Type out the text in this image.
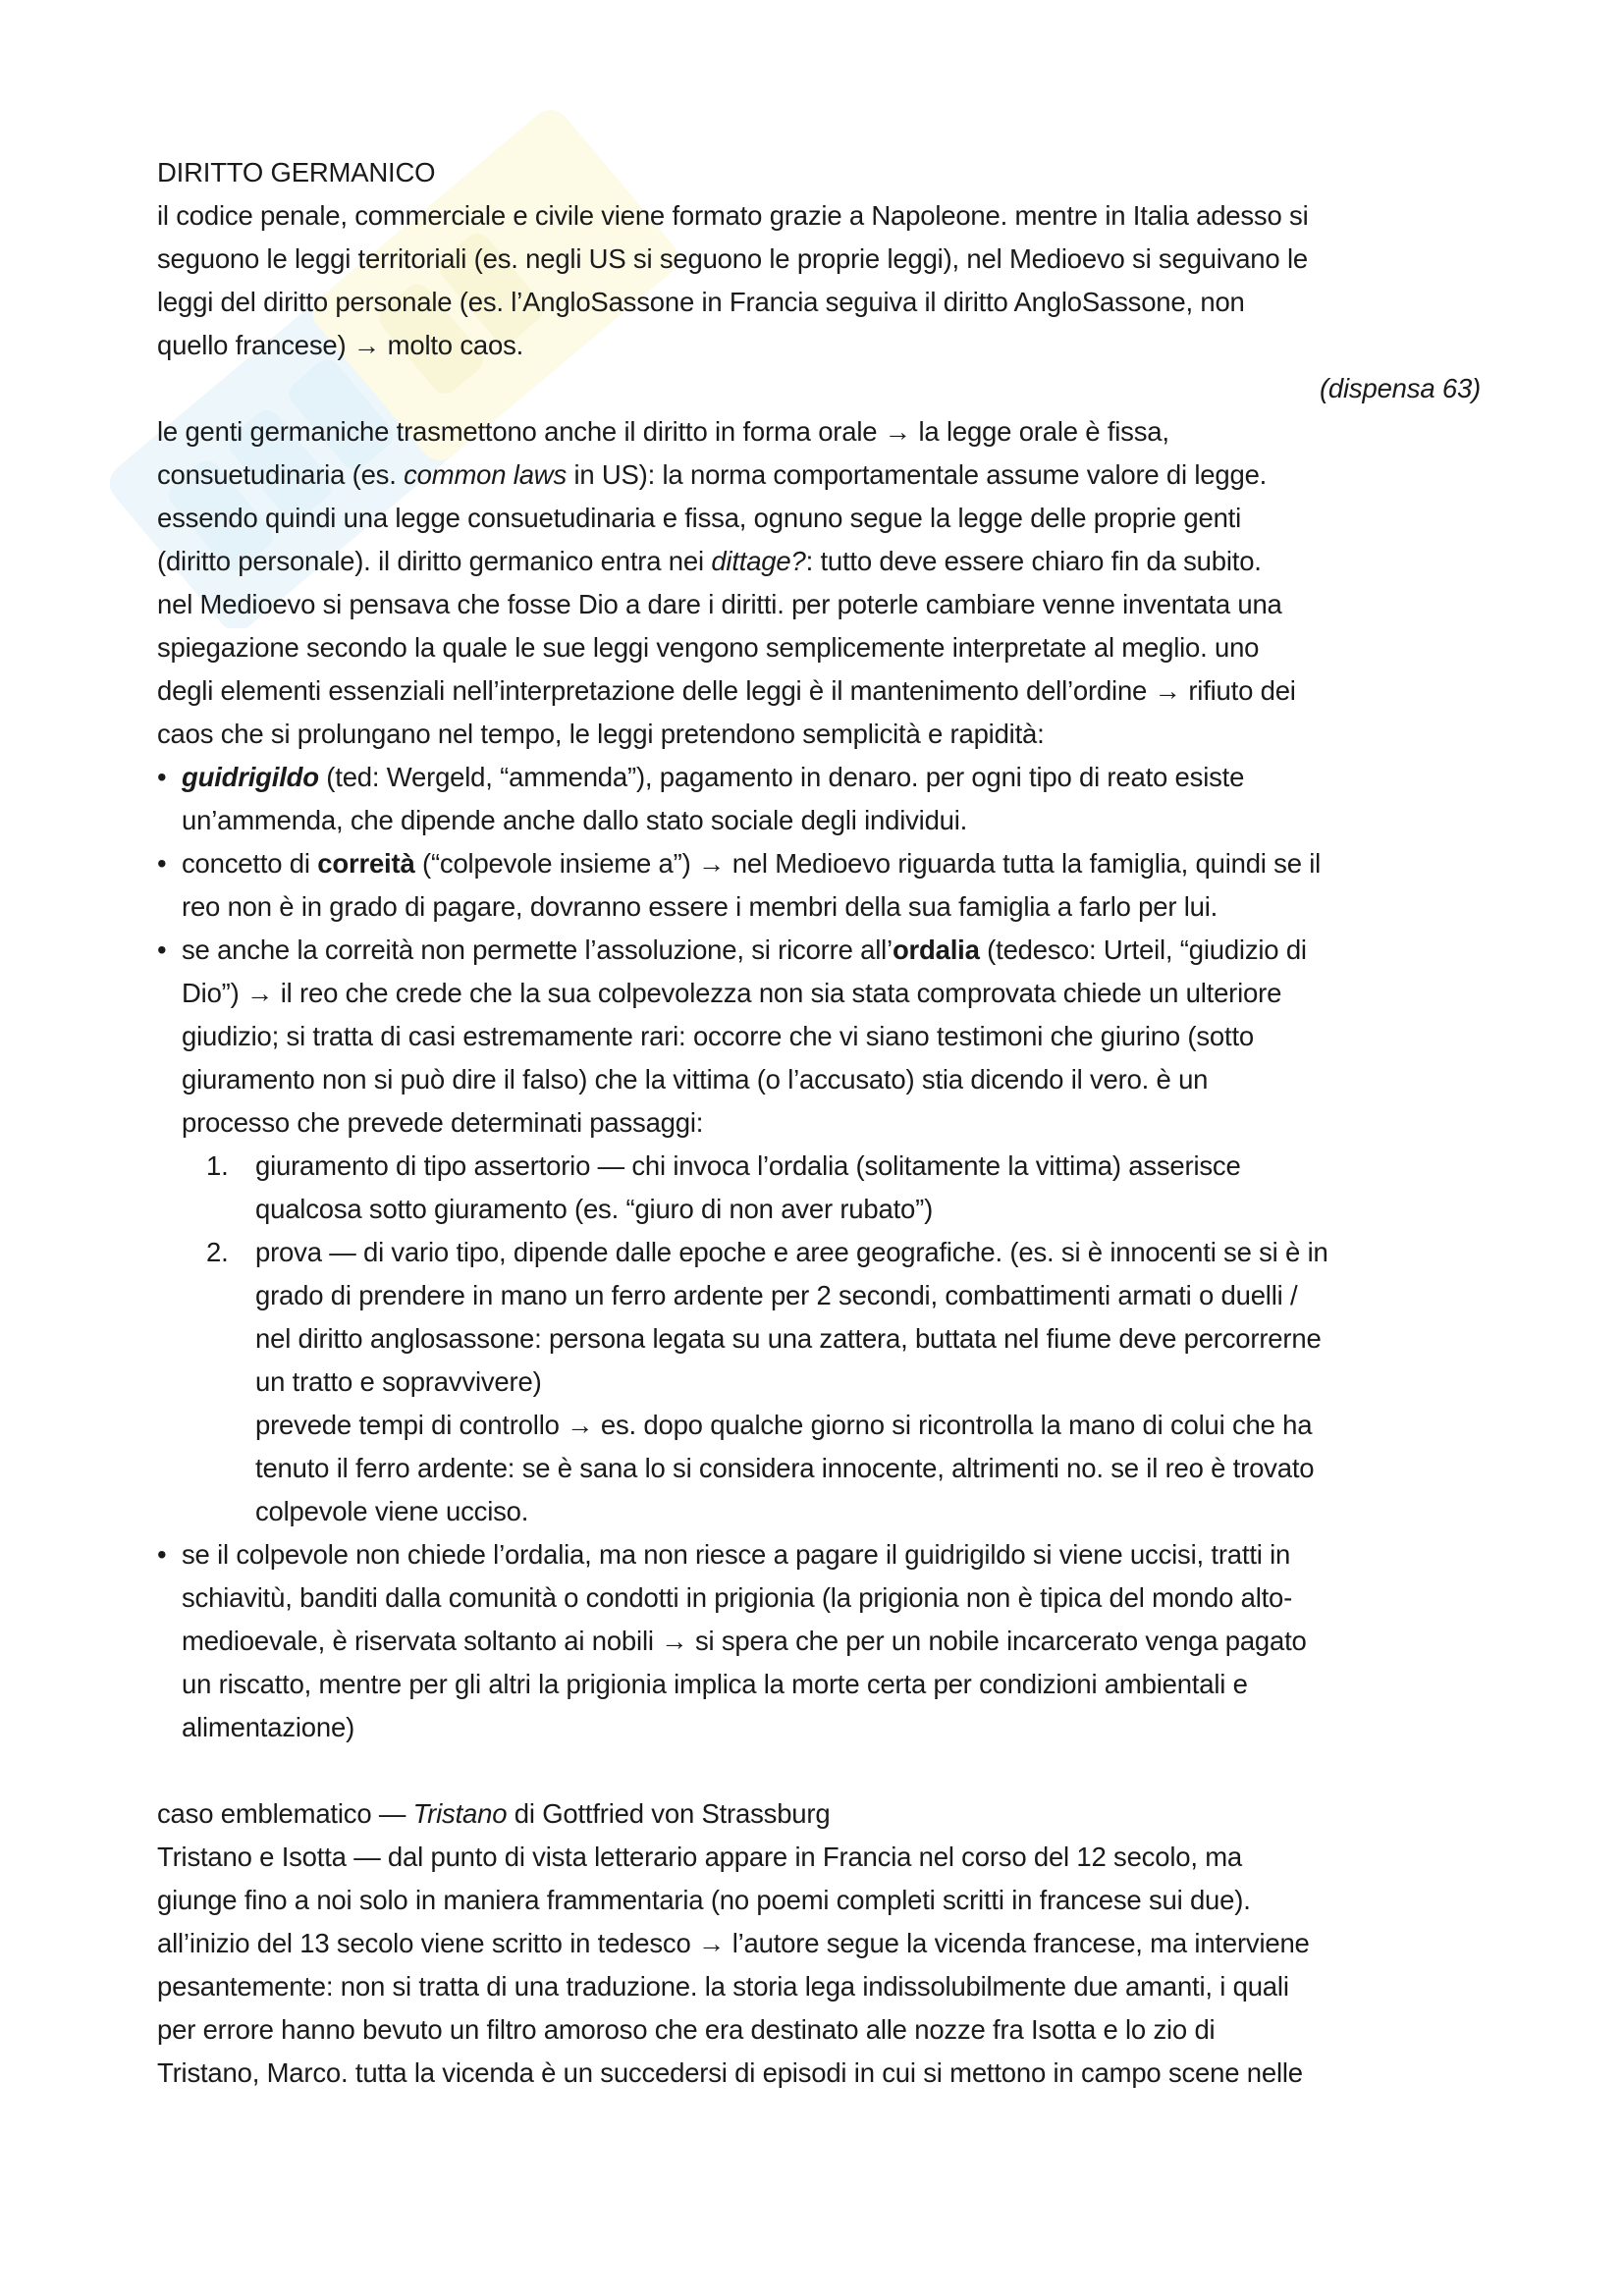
DIRITTO GERMANICO
il codice penale, commerciale e civile viene formato grazie a Napoleone. mentre in Italia adesso si
seguono le leggi territoriali (es. negli US si seguono le proprie leggi), nel Medioevo si seguivano le
leggi del diritto personale (es. l’AngloSassone in Francia seguiva il diritto AngloSassone, non
quello francese) → molto caos.
(dispensa 63)
le genti germaniche trasmettono anche il diritto in forma orale → la legge orale è fissa,
consuetudinaria (es. common laws in US): la norma comportamentale assume valore di legge.
essendo quindi una legge consuetudinaria e fissa, ognuno segue la legge delle proprie genti
(diritto personale). il diritto germanico entra nei dittage?: tutto deve essere chiaro fin da subito.
nel Medioevo si pensava che fosse Dio a dare i diritti. per poterle cambiare venne inventata una
spiegazione secondo la quale le sue leggi vengono semplicemente interpretate al meglio. uno
degli elementi essenziali nell’interpretazione delle leggi è il mantenimento dell’ordine → rifiuto dei
caos che si prolungano nel tempo, le leggi pretendono semplicità e rapidità:
• guidrigildo (ted: Wergeld, “ammenda”), pagamento in denaro. per ogni tipo di reato esiste
un’ammenda, che dipende anche dallo stato sociale degli individui.
• concetto di correità (“colpevole insieme a”) → nel Medioevo riguarda tutta la famiglia, quindi se il
reo non è in grado di pagare, dovranno essere i membri della sua famiglia a farlo per lui.
• se anche la correità non permette l’assoluzione, si ricorre all’ordalia (tedesco: Urteil, “giudizio di
Dio”) → il reo che crede che la sua colpevolezza non sia stata comprovata chiede un ulteriore
giudizio; si tratta di casi estremamente rari: occorre che vi siano testimoni che giurino (sotto
giuramento non si può dire il falso) che la vittima (o l’accusato) stia dicendo il vero. è un
processo che prevede determinati passaggi:
1. giuramento di tipo assertorio — chi invoca l’ordalia (solitamente la vittima) asserisce
qualcosa sotto giuramento (es. “giuro di non aver rubato”)
2. prova — di vario tipo, dipende dalle epoche e aree geografiche. (es. si è innocenti se si è in
grado di prendere in mano un ferro ardente per 2 secondi, combattimenti armati o duelli /
nel diritto anglosassone: persona legata su una zattera, buttata nel fiume deve percorrerne
un tratto e sopravvivere)
prevede tempi di controllo → es. dopo qualche giorno si ricontrolla la mano di colui che ha
tenuto il ferro ardente: se è sana lo si considera innocente, altrimenti no. se il reo è trovato
colpevole viene ucciso.
• se il colpevole non chiede l’ordalia, ma non riesce a pagare il guidrigildo si viene uccisi, tratti in
schiavitù, banditi dalla comunità o condotti in prigionia (la prigionia non è tipica del mondo alto-
medioevale, è riservata soltanto ai nobili → si spera che per un nobile incarcerato venga pagato
un riscatto, mentre per gli altri la prigionia implica la morte certa per condizioni ambientali e
alimentazione)
caso emblematico — Tristano di Gottfried von Strassburg
Tristano e Isotta — dal punto di vista letterario appare in Francia nel corso del 12 secolo, ma
giunge fino a noi solo in maniera frammentaria (no poemi completi scritti in francese sui due).
all’inizio del 13 secolo viene scritto in tedesco → l’autore segue la vicenda francese, ma interviene
pesantemente: non si tratta di una traduzione. la storia lega indissolubilmente due amanti, i quali
per errore hanno bevuto un filtro amoroso che era destinato alle nozze fra Isotta e lo zio di
Tristano, Marco. tutta la vicenda è un succedersi di episodi in cui si mettono in campo scene nelle
